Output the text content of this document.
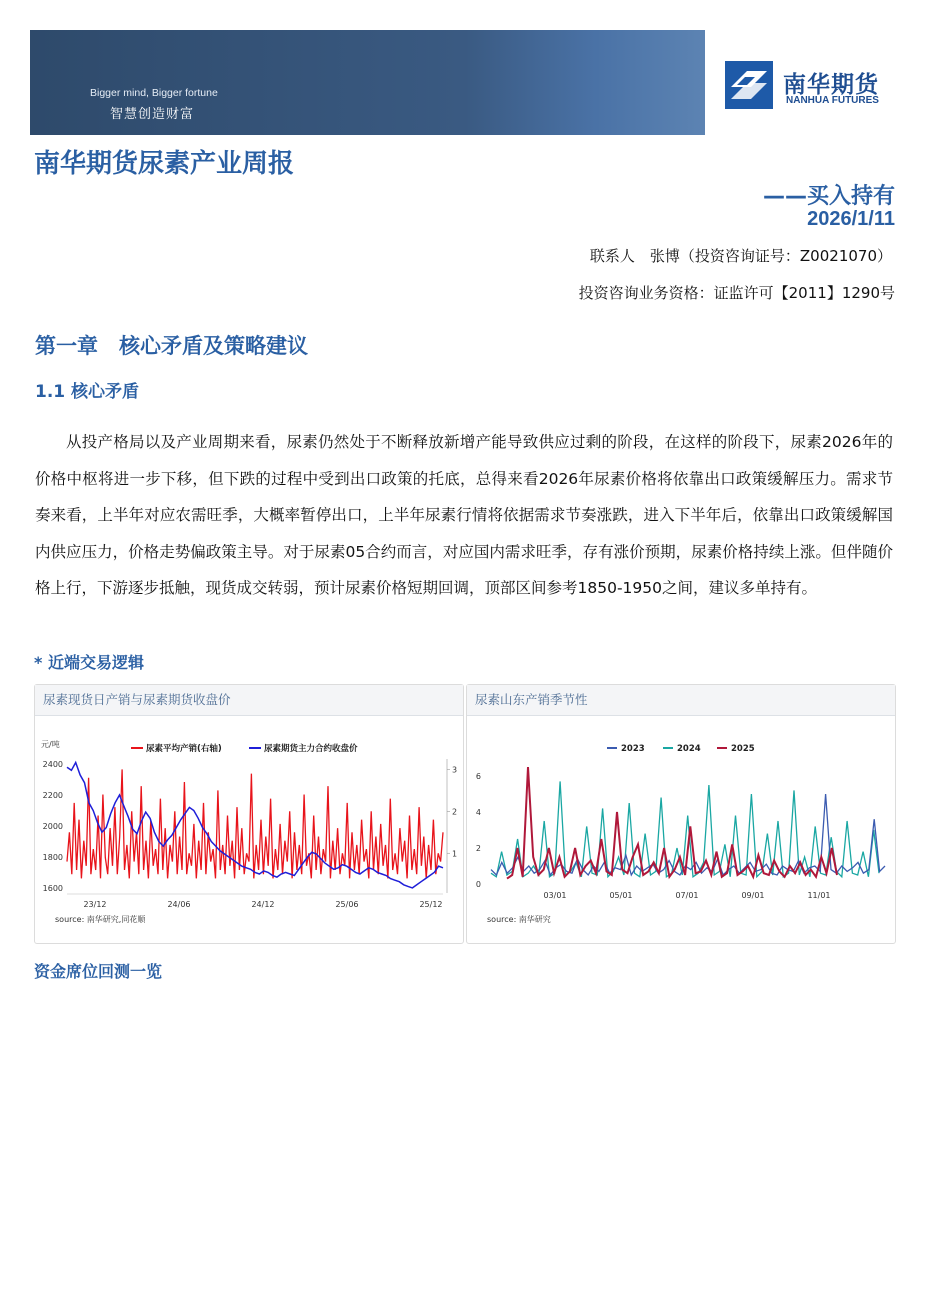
Bigger mind, Bigger fortune
智慧创造财富
南华期货
NANHUA FUTURES
南华期货尿素产业周报
——买入持有
2026/1/11
联系人　张博（投资咨询证号：Z0021070）
投资咨询业务资格：证监许可【2011】1290号
第一章　核心矛盾及策略建议
1.1 核心矛盾

从投产格局以及产业周期来看，尿素仍然处于不断释放新增产能导致供应过剩的阶段，在这样的阶段下，尿素2026年的价格中枢将进一步下移，但下跌的过程中受到出口政策的托底，总得来看2026年尿素价格将依靠出口政策缓解压力。需求节奏来看，上半年对应农需旺季，大概率暂停出口，上半年尿素行情将依据需求节奏涨跌，进入下半年后，依靠出口政策缓解国内供应压力，价格走势偏政策主导。对于尿素05合约而言，对应国内需求旺季，存有涨价预期，尿素价格持续上涨。但伴随价格上行，下游逐步抵触，现货成交转弱，预计尿素价格短期回调，顶部区间参考1850-1950之间，建议多单持有。

* 近端交易逻辑
尿素现货日产销与尿素期货收盘价
元/吨	尿素平均产销(右轴)	尿素期货主力合约收盘价
1600
1800
2000
2200
2400
1
2
3
23/12	24/06	24/12	25/06	25/12
source: 南华研究,同花顺
尿素山东产销季节性
2023	2024	2025
0
2
4
6
03/01	05/01	07/01	09/01	11/01
source: 南华研究
资金席位回测一览
